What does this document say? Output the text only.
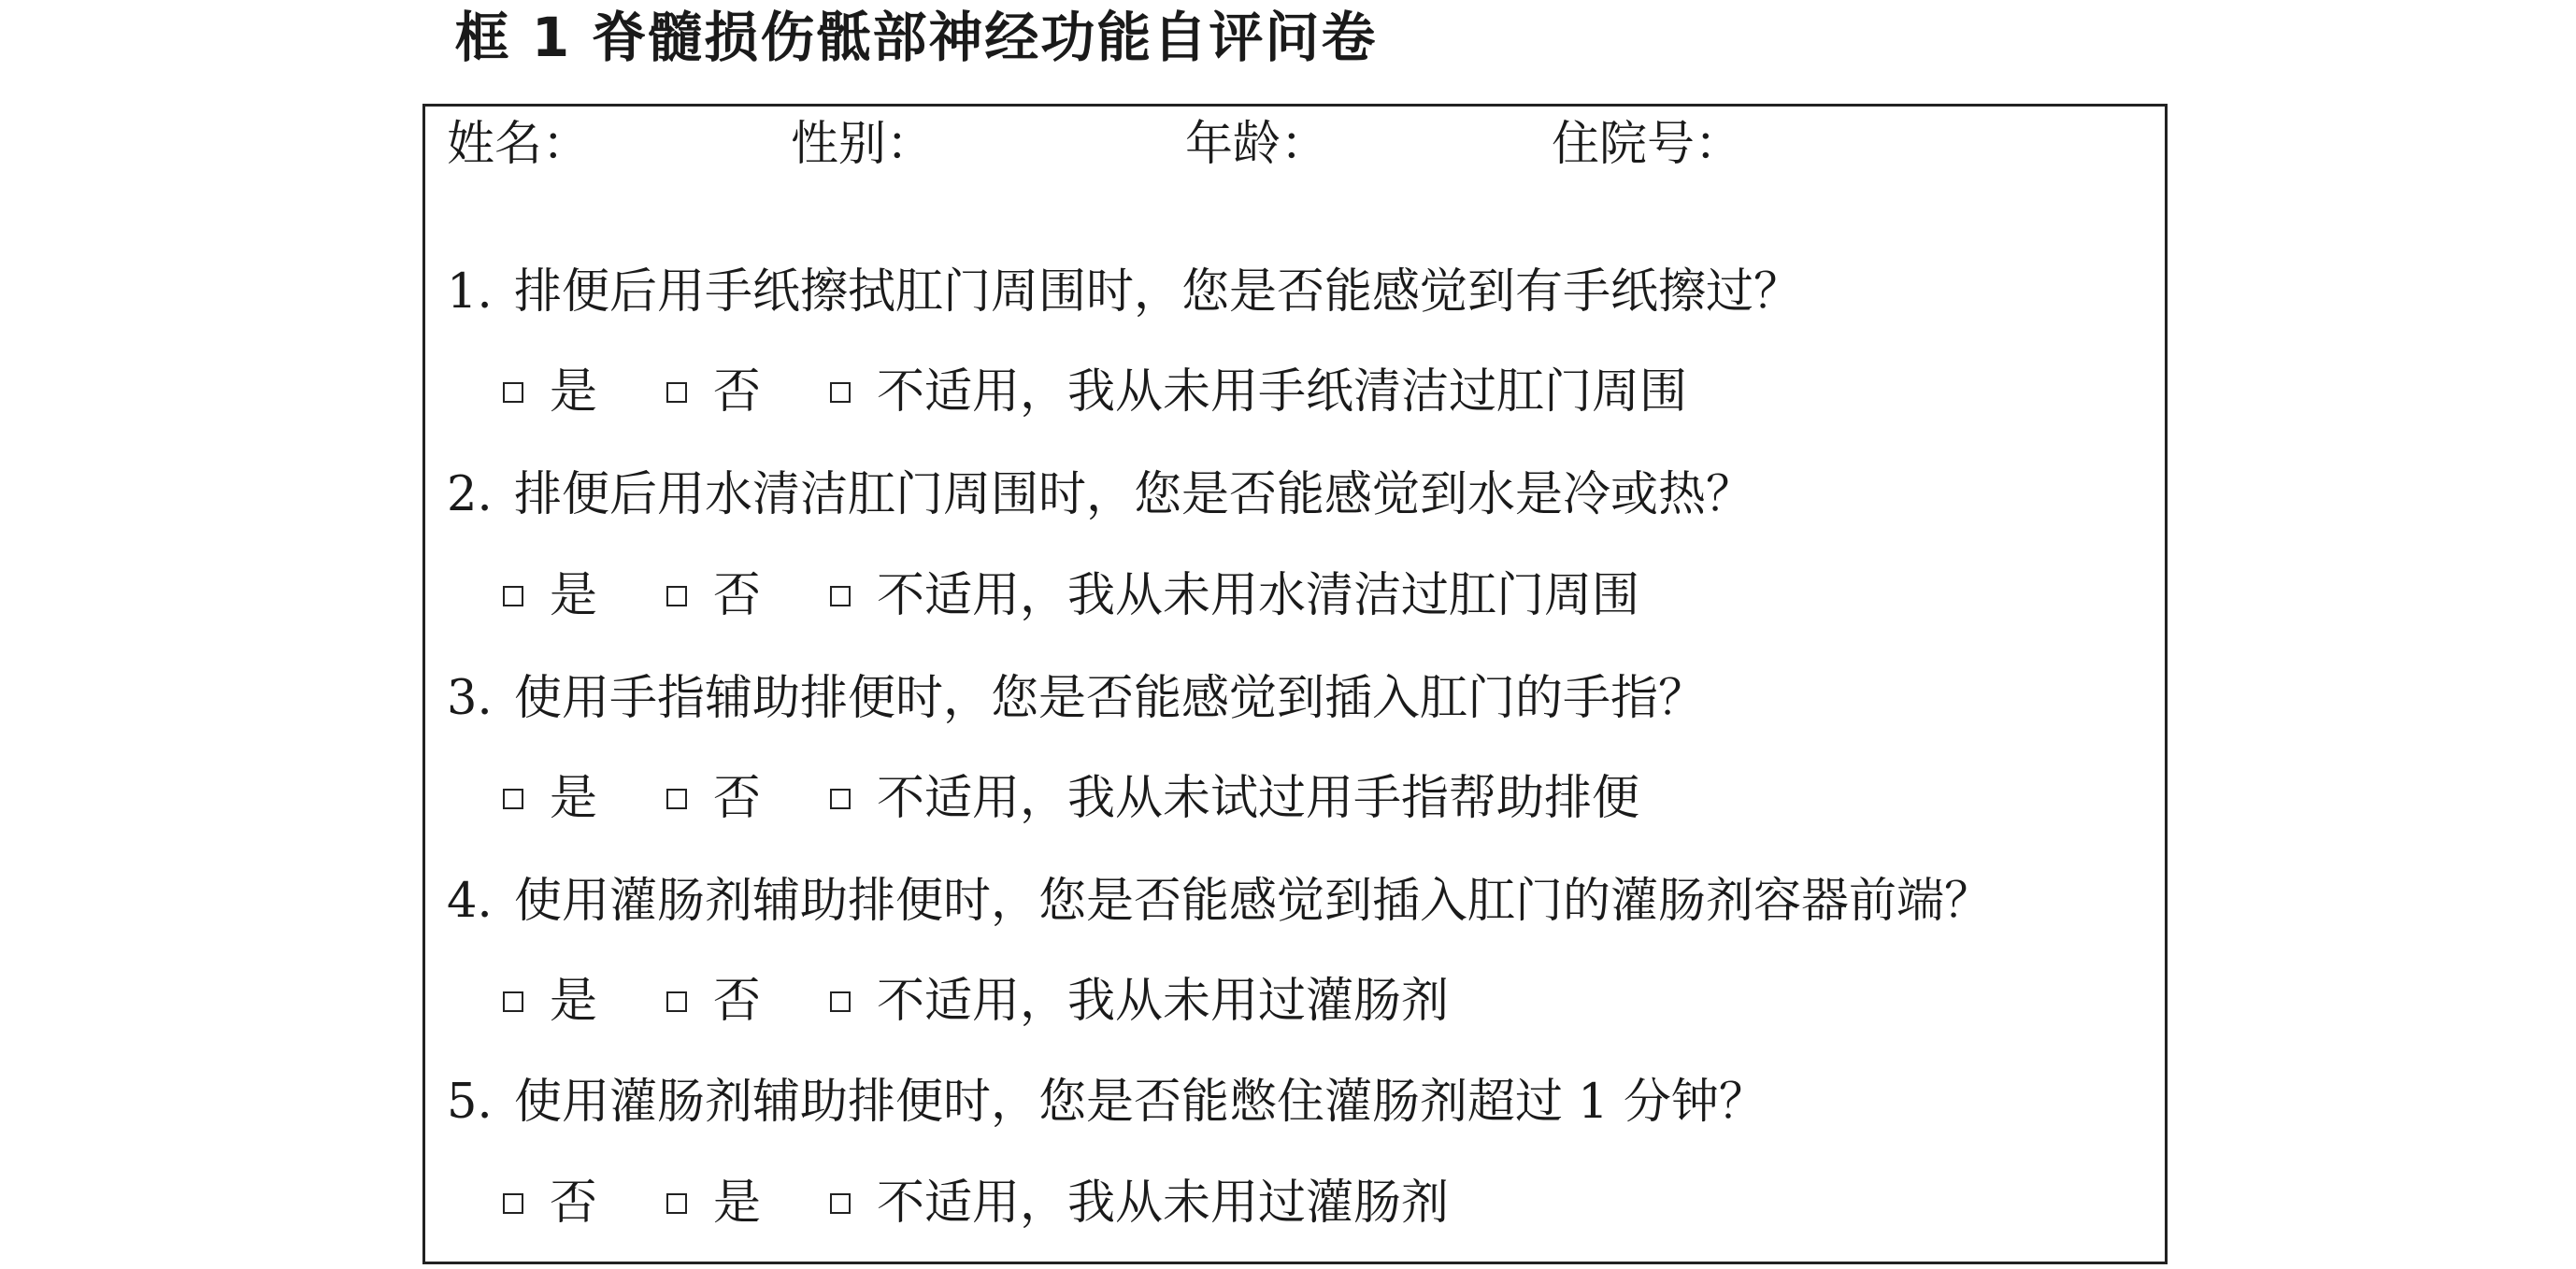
框 1 脊髓损伤骶部神经功能自评问卷
姓名：	性别：	年龄：	住院号：
1. 排便后用手纸擦拭肛门周围时，您是否能感觉到有手纸擦过？
是	否	不适用，我从未用手纸清洁过肛门周围
2. 排便后用水清洁肛门周围时，您是否能感觉到水是冷或热？
是	否	不适用，我从未用水清洁过肛门周围
3. 使用手指辅助排便时，您是否能感觉到插入肛门的手指？
是	否	不适用，我从未试过用手指帮助排便
4. 使用灌肠剂辅助排便时，您是否能感觉到插入肛门的灌肠剂容器前端？
是	否	不适用，我从未用过灌肠剂
5. 使用灌肠剂辅助排便时，您是否能憋住灌肠剂超过 1 分钟？
否	是	不适用，我从未用过灌肠剂
